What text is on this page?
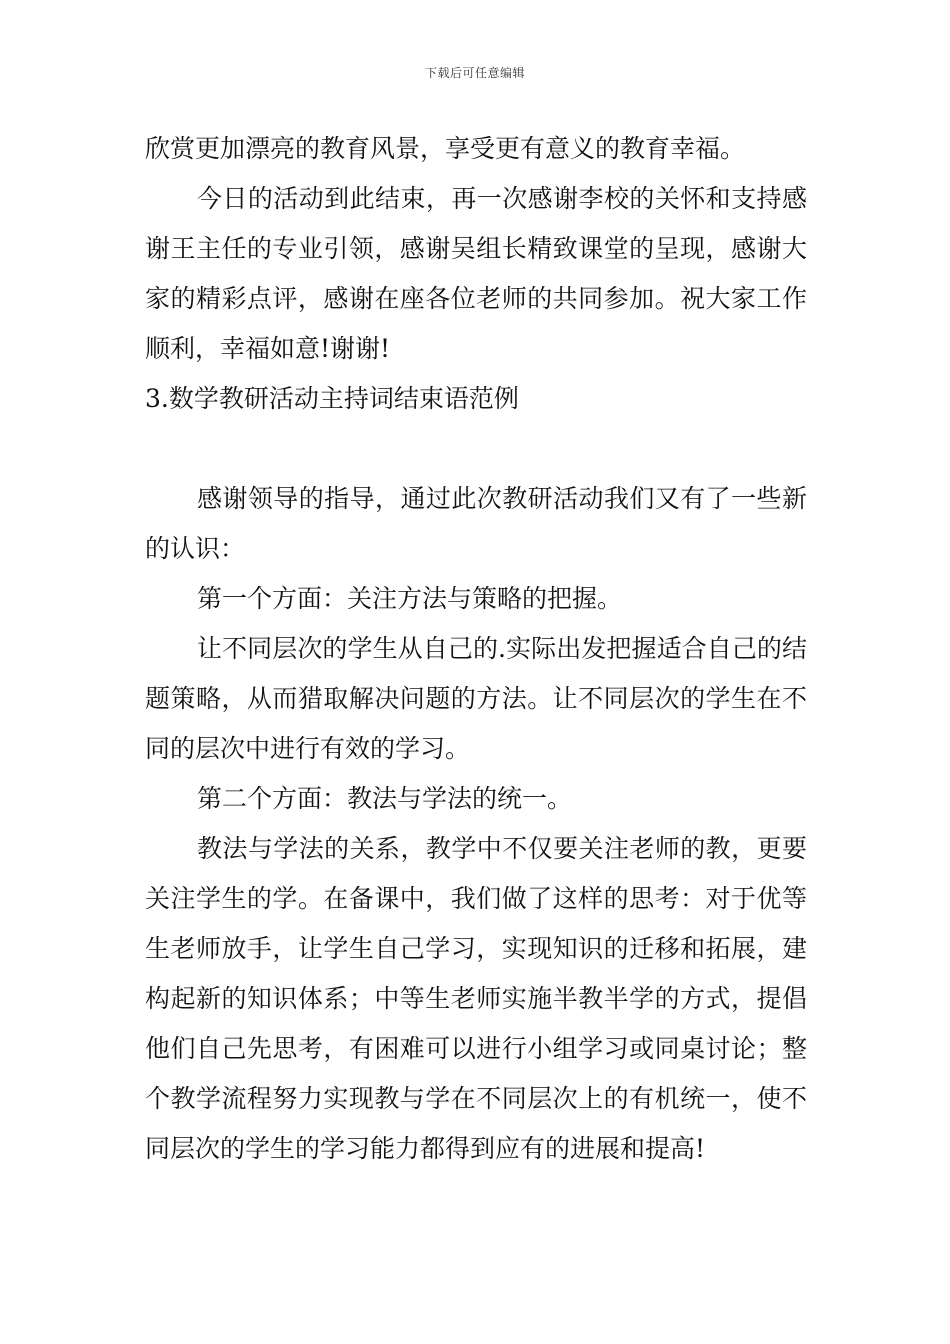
下载后可任意编辑

欣赏更加漂亮的教育风景，享受更有意义的教育幸福。

今日的活动到此结束，再一次感谢李校的关怀和支持感谢王主任的专业引领，感谢吴组长精致课堂的呈现，感谢大家的精彩点评，感谢在座各位老师的共同参加。祝大家工作顺利，幸福如意!谢谢!

3.数学教研活动主持词结束语范例

感谢领导的指导，通过此次教研活动我们又有了一些新的认识：

第一个方面：关注方法与策略的把握。

让不同层次的学生从自己的.实际出发把握适合自己的结题策略，从而猎取解决问题的方法。让不同层次的学生在不同的层次中进行有效的学习。

第二个方面：教法与学法的统一。

教法与学法的关系，教学中不仅要关注老师的教，更要关注学生的学。在备课中，我们做了这样的思考：对于优等生老师放手，让学生自己学习，实现知识的迁移和拓展，建构起新的知识体系；中等生老师实施半教半学的方式，提倡他们自己先思考，有困难可以进行小组学习或同桌讨论；整个教学流程努力实现教与学在不同层次上的有机统一，使不同层次的学生的学习能力都得到应有的进展和提高!
